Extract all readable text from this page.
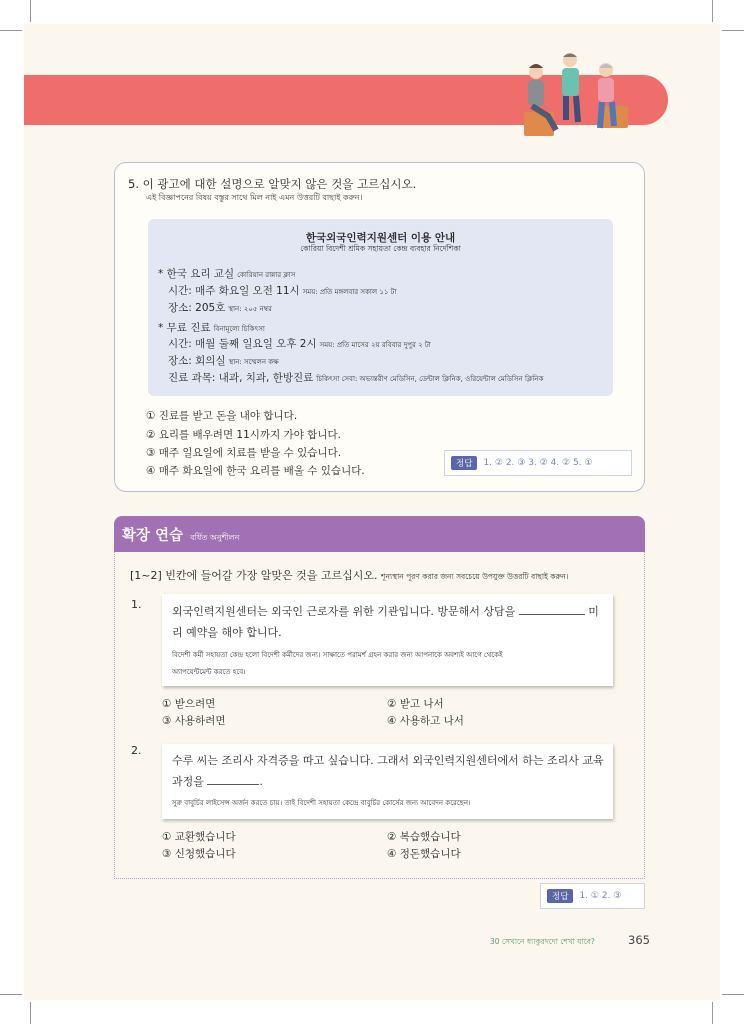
5. 이 광고에 대한 설명으로 알맞지 않은 것을 고르십시오.
এই বিজ্ঞাপনের বিষয় বস্তুর সাথে মিল নাই এমন উত্তরটি বাছাই করুন।
한국외국인력지원센터 이용 안내
কোরিয়া বিদেশী শ্রমিক সহায়তা কেন্দ্র ব্যবহার নির্দেশিকা
* 한국 요리 교실 কোরিয়ান রান্নার ক্লাস
시간: 매주 화요일 오전 11시 সময়: প্রতি মঙ্গলবার সকাল ১১ টা
장소: 205호 স্থান: ২০৫ নম্বর
* 무료 진료 বিনামূল্যে চিকিৎসা
시간: 매월 둘째 일요일 오후 2시 সময়: প্রতি মাসের ২য় রবিবার দুপুর ২ টা
장소: 회의실 স্থান: সম্মেলন কক্ষ
진료 과목: 내과, 치과, 한방진료 চিকিৎসা সেবা: অভ্যন্তরীণ মেডিসিন, ডেন্টাল ক্লিনিক, ওরিয়েন্টাল মেডিসিন ক্লিনিক
① 진료를 받고 돈을 내야 합니다.
② 요리를 배우려면 11시까지 가야 합니다.
③ 매주 일요일에 치료를 받을 수 있습니다.
④ 매주 화요일에 한국 요리를 배울 수 있습니다.
정답	1. ② 2. ③ 3. ② 4. ② 5. ①
확장 연습 বর্ধিত অনুশীলন
[1~2] 빈칸에 들어갈 가장 알맞은 것을 고르십시오. শূন্যস্থান পূরণ করার জন্য সবচেয়ে উপযুক্ত উত্তরটি বাছাই করুন।
1.
외국인력지원센터는 외국인 근로자를 위한 기관입니다. 방문해서 상담을	미
리 예약을 해야 합니다.
বিদেশী কর্মী সহায়তা কেন্দ্র হলো বিদেশী কর্মীদের জন্য। সাক্ষাতে পরামর্শ গ্রহন করার জন্য আপনাকে অবশ্যই আগে থেকেই
অ্যাপয়েন্টমেন্ট করতে হবে।
① 받으려면	② 받고 나서
③ 사용하려면	④ 사용하고 나서
2.
수루 씨는 조리사 자격증을 따고 싶습니다. 그래서 외국인력지원센터에서 하는 조리사 교육
과정을	.
সুরু বাবুর্চির লাইসেন্স অর্জন করতে চায়। তাই বিদেশী সহায়তা কেন্দ্রে বাবুর্চির কোর্সের জন্য আবেদন করেছেন।
① 교환했습니다	② 복습했습니다
③ 신청했습니다	④ 정돈했습니다
정답	1. ① 2. ③
30 সেখানে ধ্যাকুরদদো শেখা যাবে?	365
